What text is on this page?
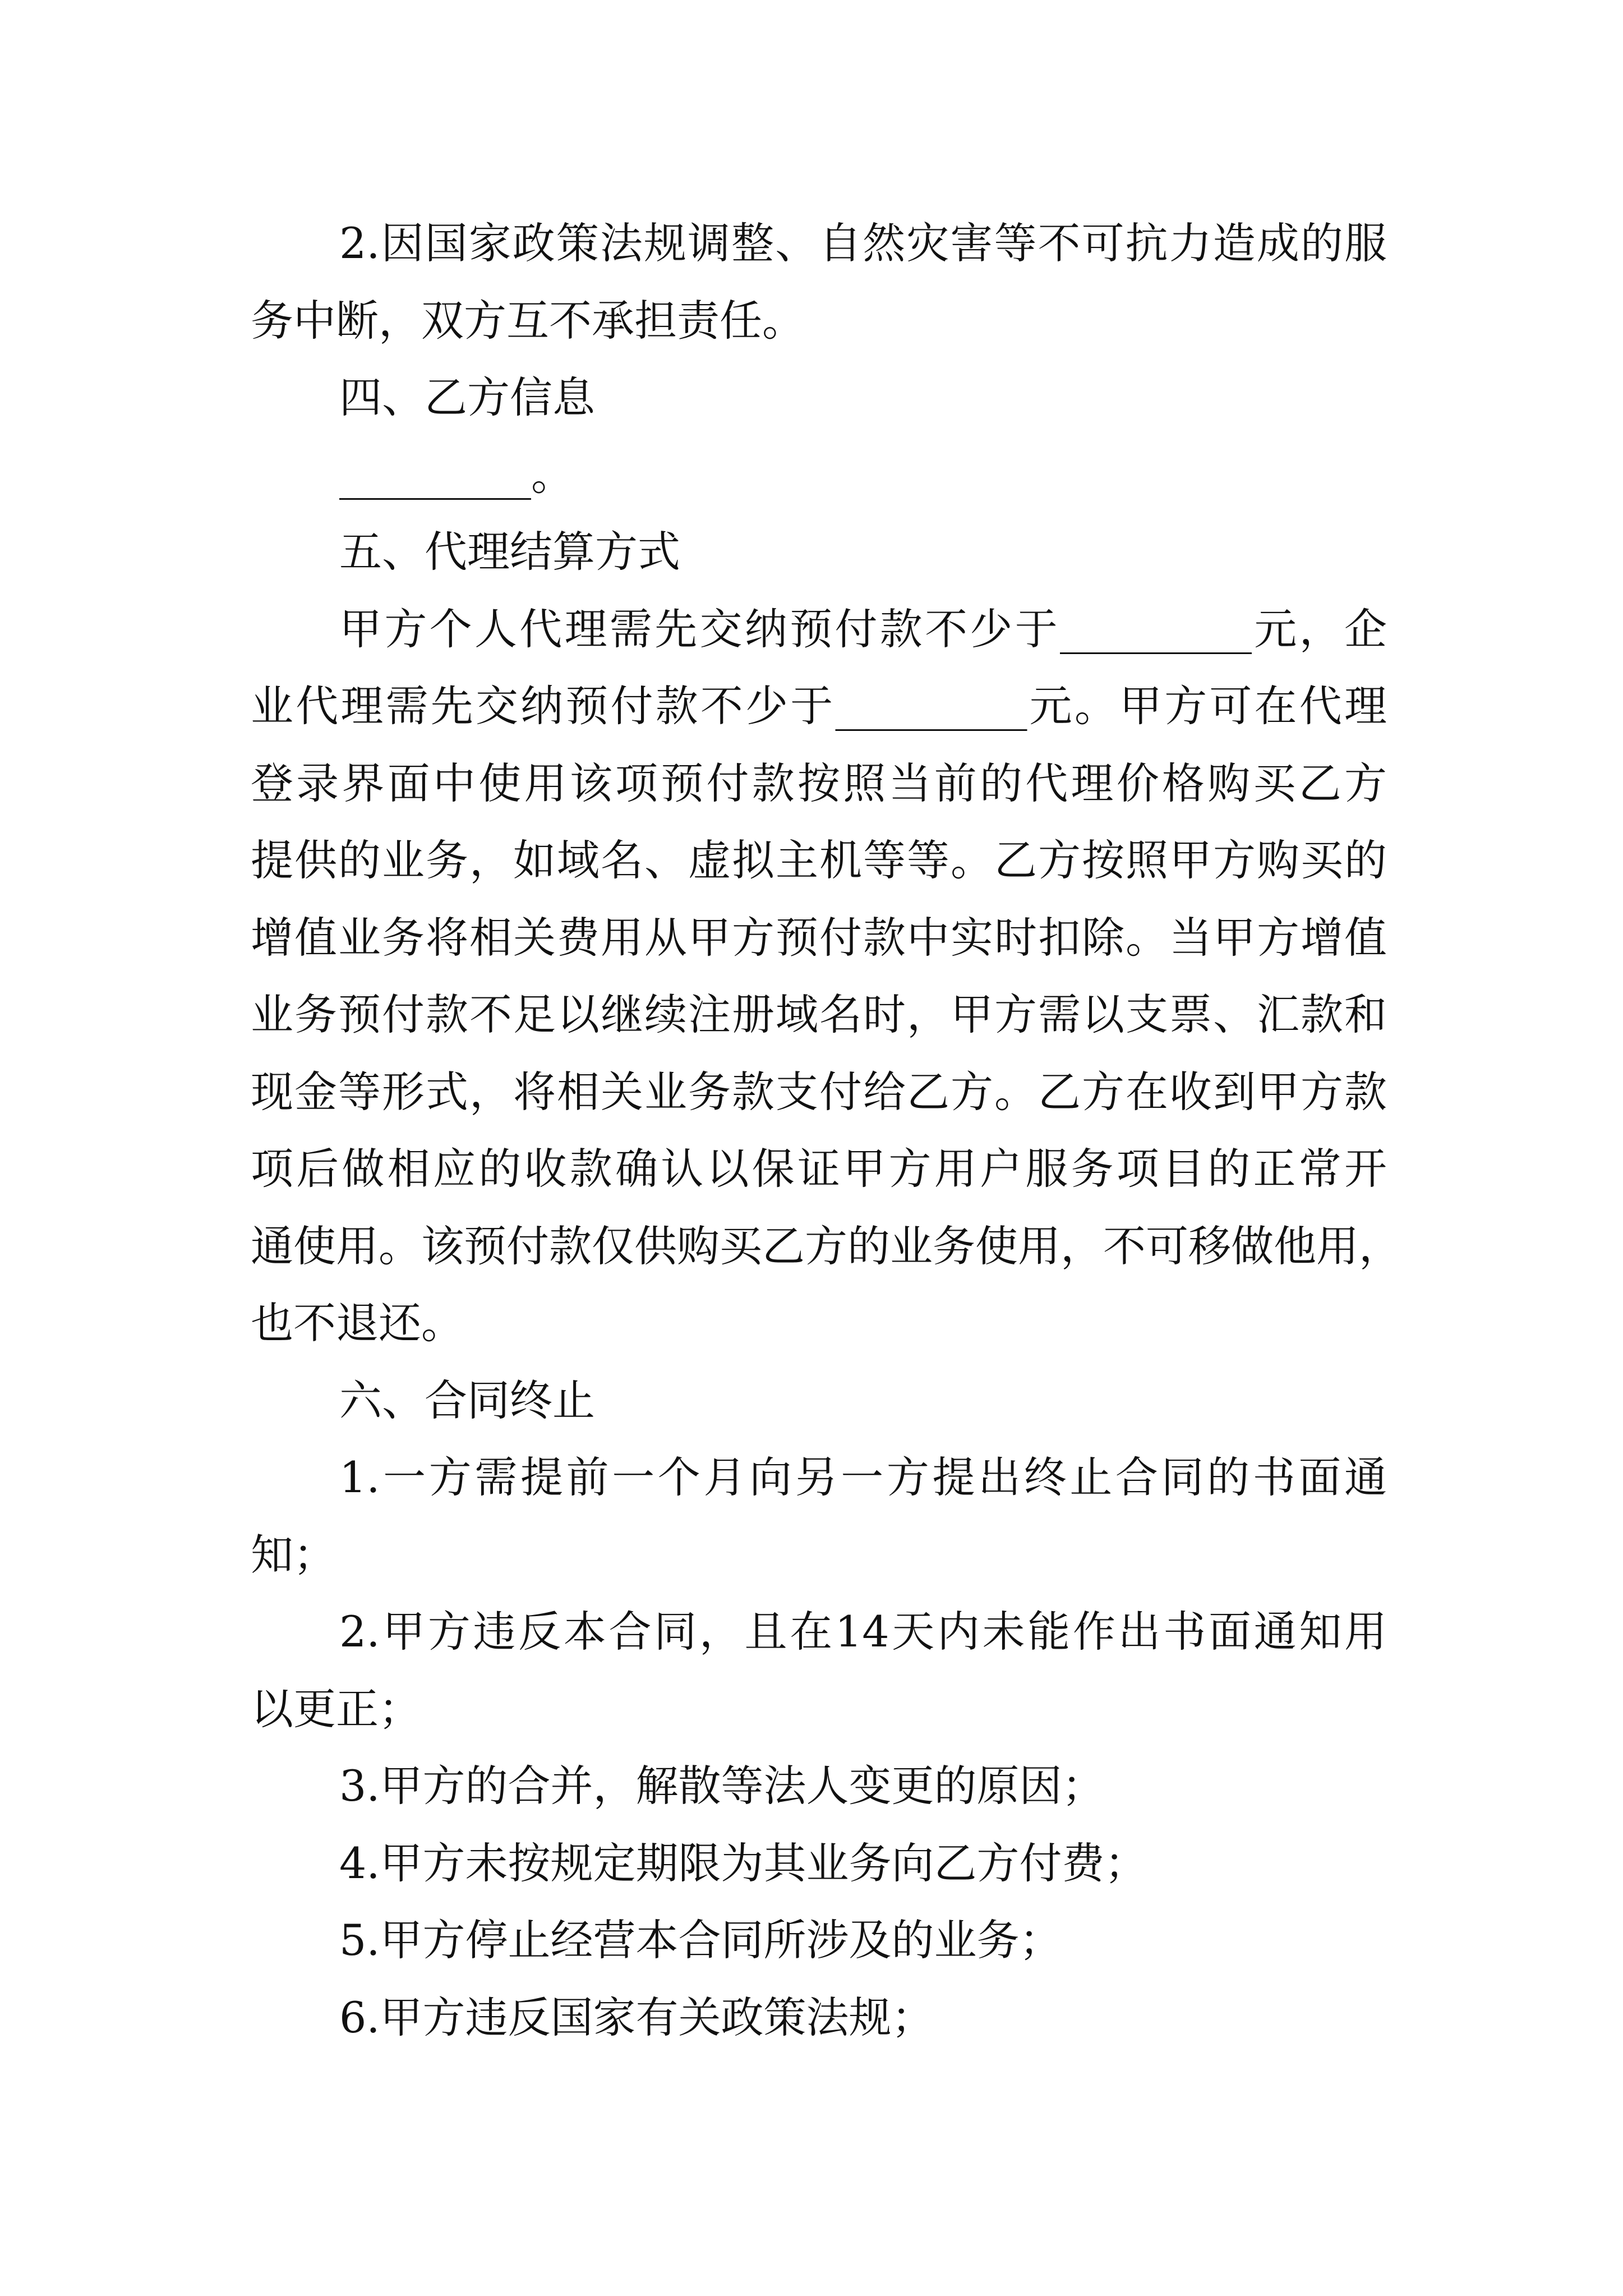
2.因国家政策法规调整、自然灾害等不可抗力造成的服
务中断，双方互不承担责任。
四、乙方信息
_________。
五、代理结算方式
甲方个人代理需先交纳预付款不少于_________元，企
业代理需先交纳预付款不少于_________元。甲方可在代理
登录界面中使用该项预付款按照当前的代理价格购买乙方
提供的业务，如域名、虚拟主机等等。乙方按照甲方购买的
增值业务将相关费用从甲方预付款中实时扣除。当甲方增值
业务预付款不足以继续注册域名时，甲方需以支票、汇款和
现金等形式，将相关业务款支付给乙方。乙方在收到甲方款
项后做相应的收款确认以保证甲方用户服务项目的正常开
通使用。该预付款仅供购买乙方的业务使用，不可移做他用，
也不退还。
六、合同终止
1.一方需提前一个月向另一方提出终止合同的书面通
知；
2.甲方违反本合同，且在14天内未能作出书面通知用
以更正；
3.甲方的合并，解散等法人变更的原因；
4.甲方未按规定期限为其业务向乙方付费；
5.甲方停止经营本合同所涉及的业务；
6.甲方违反国家有关政策法规；
